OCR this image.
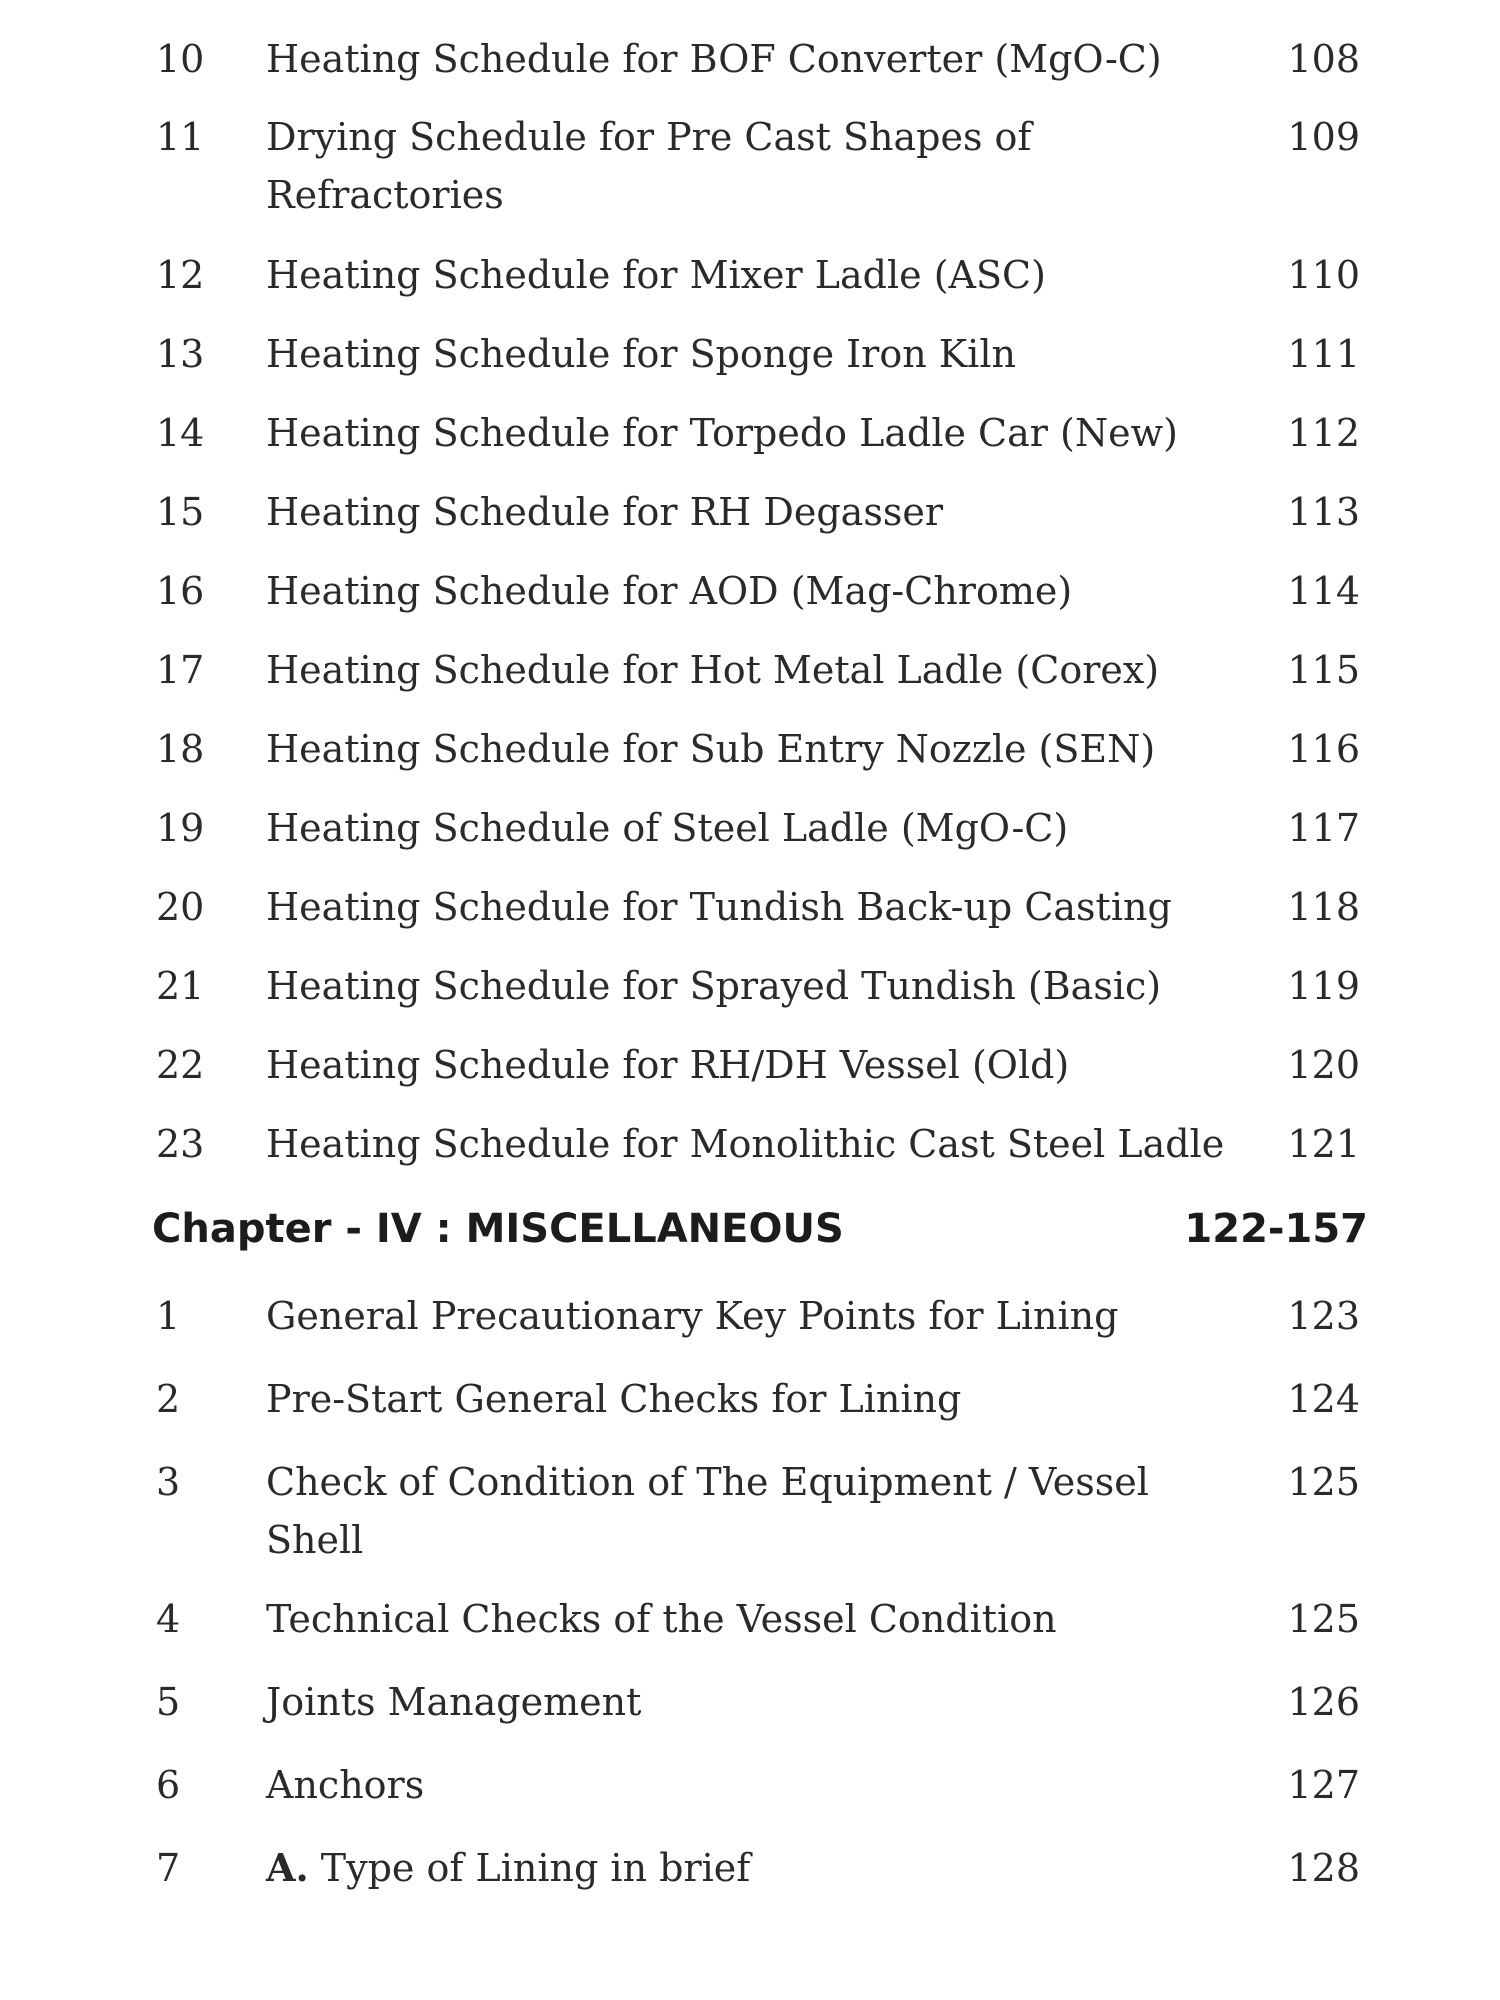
10 Heating Schedule for BOF Converter (MgO-C)	108
11 Drying Schedule for Pre Cast Shapes of	109
Refractories
12 Heating Schedule for Mixer Ladle (ASC)	110
13 Heating Schedule for Sponge Iron Kiln	111
14 Heating Schedule for Torpedo Ladle Car (New)	112
15 Heating Schedule for RH Degasser	113
16 Heating Schedule for AOD (Mag-Chrome)	114
17 Heating Schedule for Hot Metal Ladle (Corex)	115
18 Heating Schedule for Sub Entry Nozzle (SEN)	116
19 Heating Schedule of Steel Ladle (MgO-C)	117
20 Heating Schedule for Tundish Back-up Casting	118
21 Heating Schedule for Sprayed Tundish (Basic)	119
22 Heating Schedule for RH/DH Vessel (Old)	120
23 Heating Schedule for Monolithic Cast Steel Ladle	121
Chapter - IV : MISCELLANEOUS	122-157
1 General Precautionary Key Points for Lining	123
2 Pre-Start General Checks for Lining	124
3 Check of Condition of The Equipment / Vessel	125
Shell
4 Technical Checks of the Vessel Condition	125
5 Joints Management	126
6 Anchors	127
7 A. Type of Lining in brief	128
